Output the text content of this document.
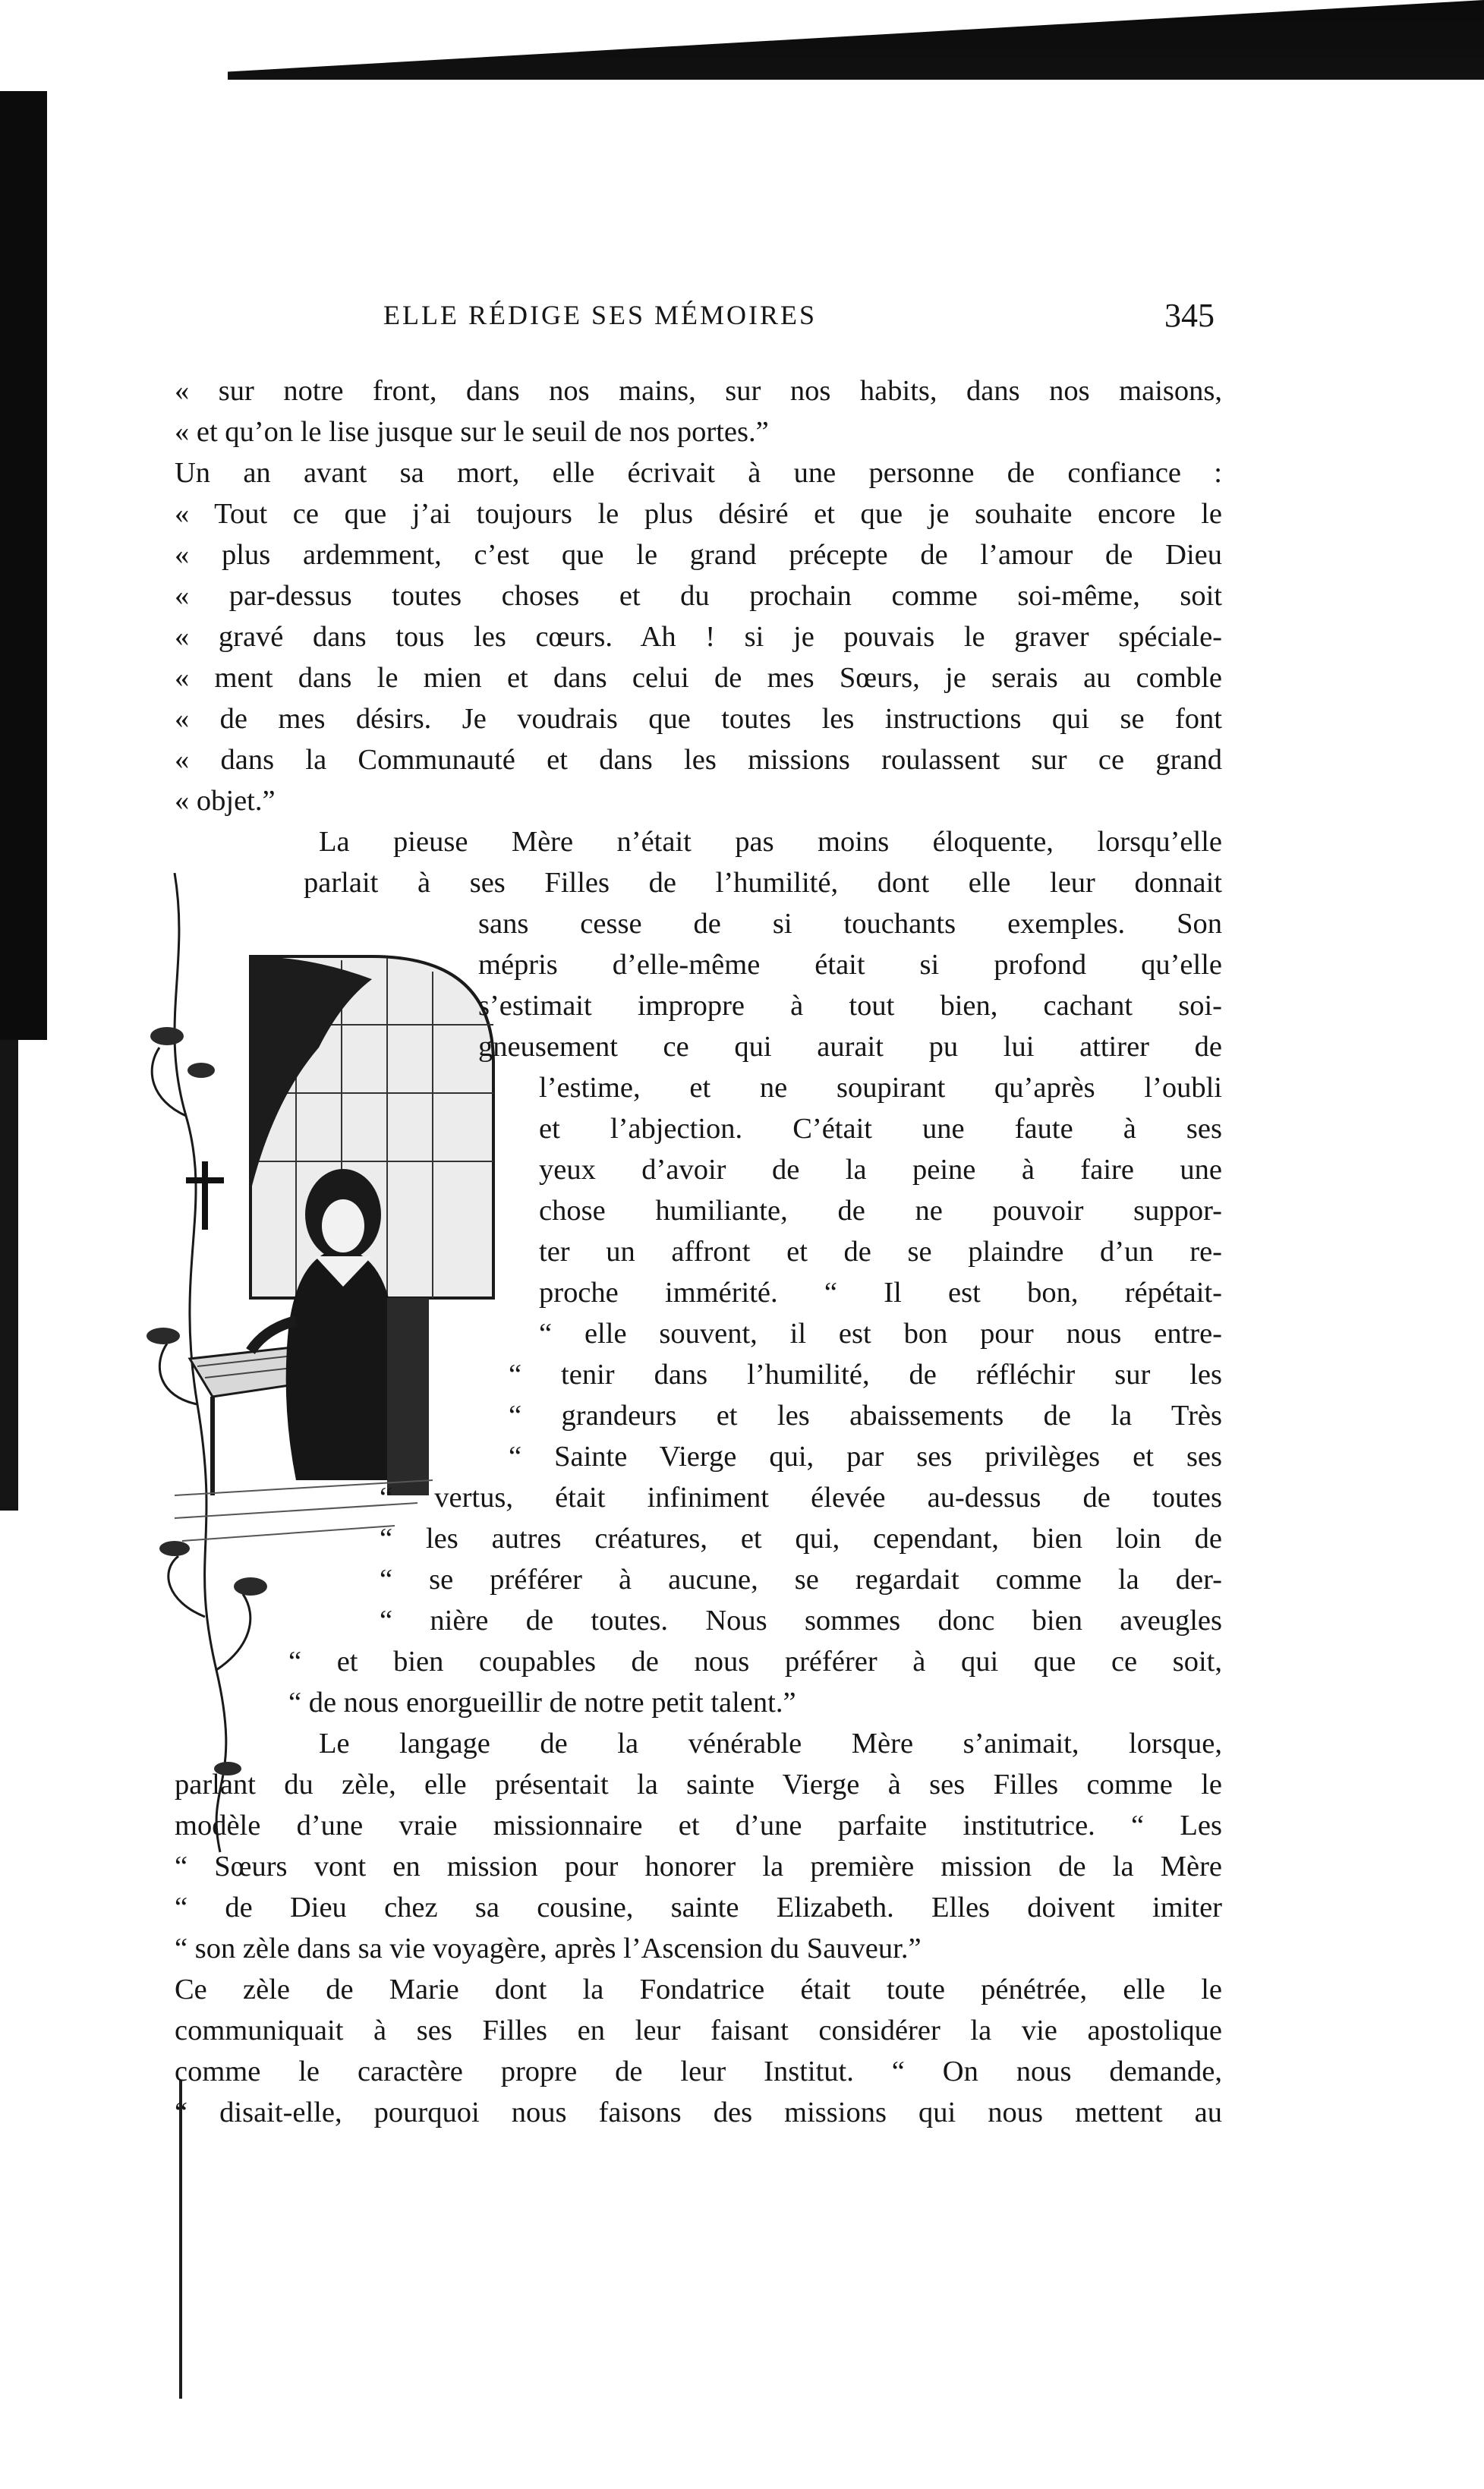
ELLE RÉDIGE SES MÉMOIRES	345
« sur notre front, dans nos mains, sur nos habits, dans nos maisons,
« et qu’on le lise jusque sur le seuil de nos portes.”
Un an avant sa mort, elle écrivait à une personne de confiance :
« Tout ce que j’ai toujours le plus désiré et que je souhaite encore le
« plus ardemment, c’est que le grand précepte de l’amour de Dieu
« par-dessus toutes choses et du prochain comme soi-même, soit
« gravé dans tous les cœurs. Ah ! si je pouvais le graver spéciale-
« ment dans le mien et dans celui de mes Sœurs, je serais au comble
« de mes désirs. Je voudrais que toutes les instructions qui se font
« dans la Communauté et dans les missions roulassent sur ce grand
« objet.”
La pieuse Mère n’était pas moins éloquente, lorsqu’elle
parlait à ses Filles de l’humilité, dont elle leur donnait
sans cesse de si touchants exemples. Son
mépris d’elle-même était si profond qu’elle
s’estimait impropre à tout bien, cachant soi-
gneusement ce qui aurait pu lui attirer de
l’estime, et ne soupirant qu’après l’oubli
et l’abjection. C’était une faute à ses
yeux d’avoir de la peine à faire une
chose humiliante, de ne pouvoir suppor-
ter un affront et de se plaindre d’un re-
proche immérité. “ Il est bon, répétait-
“ elle souvent, il est bon pour nous entre-
“ tenir dans l’humilité, de réfléchir sur les
“ grandeurs et les abaissements de la Très
“ Sainte Vierge qui, par ses privilèges et ses
“ vertus, était infiniment élevée au-dessus de toutes
“ les autres créatures, et qui, cependant, bien loin de
“ se préférer à aucune, se regardait comme la der-
“ nière de toutes. Nous sommes donc bien aveugles
“ et bien coupables de nous préférer à qui que ce soit,
“ de nous enorgueillir de notre petit talent.”
Le langage de la vénérable Mère s’animait, lorsque,
parlant du zèle, elle présentait la sainte Vierge à ses Filles comme le
modèle d’une vraie missionnaire et d’une parfaite institutrice. “ Les
“ Sœurs vont en mission pour honorer la première mission de la Mère
“ de Dieu chez sa cousine, sainte Elizabeth. Elles doivent imiter
“ son zèle dans sa vie voyagère, après l’Ascension du Sauveur.”
Ce zèle de Marie dont la Fondatrice était toute pénétrée, elle le
communiquait à ses Filles en leur faisant considérer la vie apostolique
comme le caractère propre de leur Institut. “ On nous demande,
“ disait-elle, pourquoi nous faisons des missions qui nous mettent au
